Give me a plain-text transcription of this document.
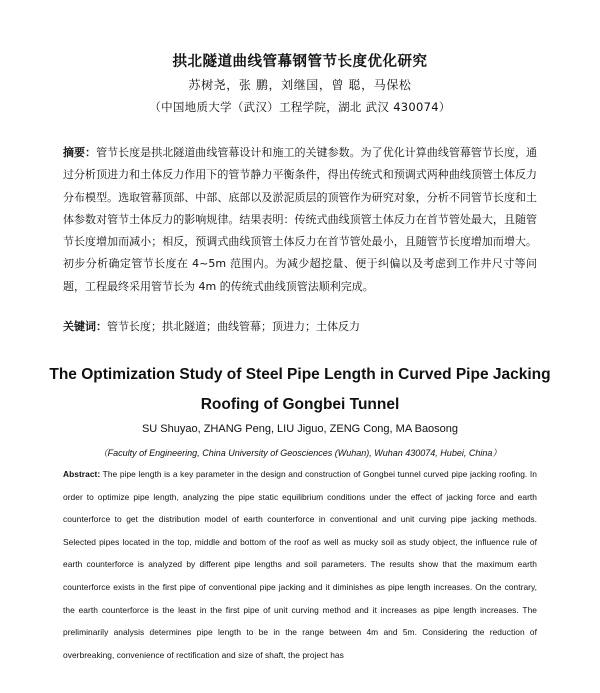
拱北隧道曲线管幕钢管节长度优化研究
苏树尧，张 鹏，刘继国，曾 聪，马保松
（中国地质大学（武汉）工程学院，湖北 武汉 430074）
摘要：管节长度是拱北隧道曲线管幕设计和施工的关键参数。为了优化计算曲线管幕管节长度，通过分析顶进力和土体反力作用下的管节静力平衡条件，得出传统式和预调式两种曲线顶管土体反力分布模型。选取管幕顶部、中部、底部以及淤泥质层的顶管作为研究对象，分析不同管节长度和土体参数对管节土体反力的影响规律。结果表明：传统式曲线顶管土体反力在首节管处最大，且随管节长度增加而减小；相反，预调式曲线顶管土体反力在首节管处最小，且随管节长度增加而增大。初步分析确定管节长度在 4~5m 范围内。为减少超挖量、便于纠偏以及考虑到工作井尺寸等问题，工程最终采用管节长为 4m 的传统式曲线顶管法顺利完成。
关键词：管节长度；拱北隧道；曲线管幕；顶进力；土体反力
The Optimization Study of Steel Pipe Length in Curved Pipe Jacking
Roofing of Gongbei Tunnel
SU Shuyao, ZHANG Peng, LIU Jiguo, ZENG Cong, MA Baosong
（Faculty of Engineering, China University of Geosciences (Wuhan), Wuhan 430074, Hubei, China）
Abstract: The pipe length is a key parameter in the design and construction of Gongbei tunnel curved pipe jacking roofing. In order to optimize pipe length, analyzing the pipe static equilibrium conditions under the effect of jacking force and earth counterforce to get the distribution model of earth counterforce in conventional and unit curving pipe jacking methods. Selected pipes located in the top, middle and bottom of the roof as well as mucky soil as study object, the influence rule of earth counterforce is analyzed by different pipe lengths and soil parameters. The results show that the maximum earth counterforce exists in the first pipe of conventional pipe jacking and it diminishes as pipe length increases. On the contrary, the earth counterforce is the least in the first pipe of unit curving method and it increases as pipe length increases. The preliminarily analysis determines pipe length to be in the range between 4m and 5m. Considering the reduction of overbreaking, convenience of rectification and size of shaft, the project has
